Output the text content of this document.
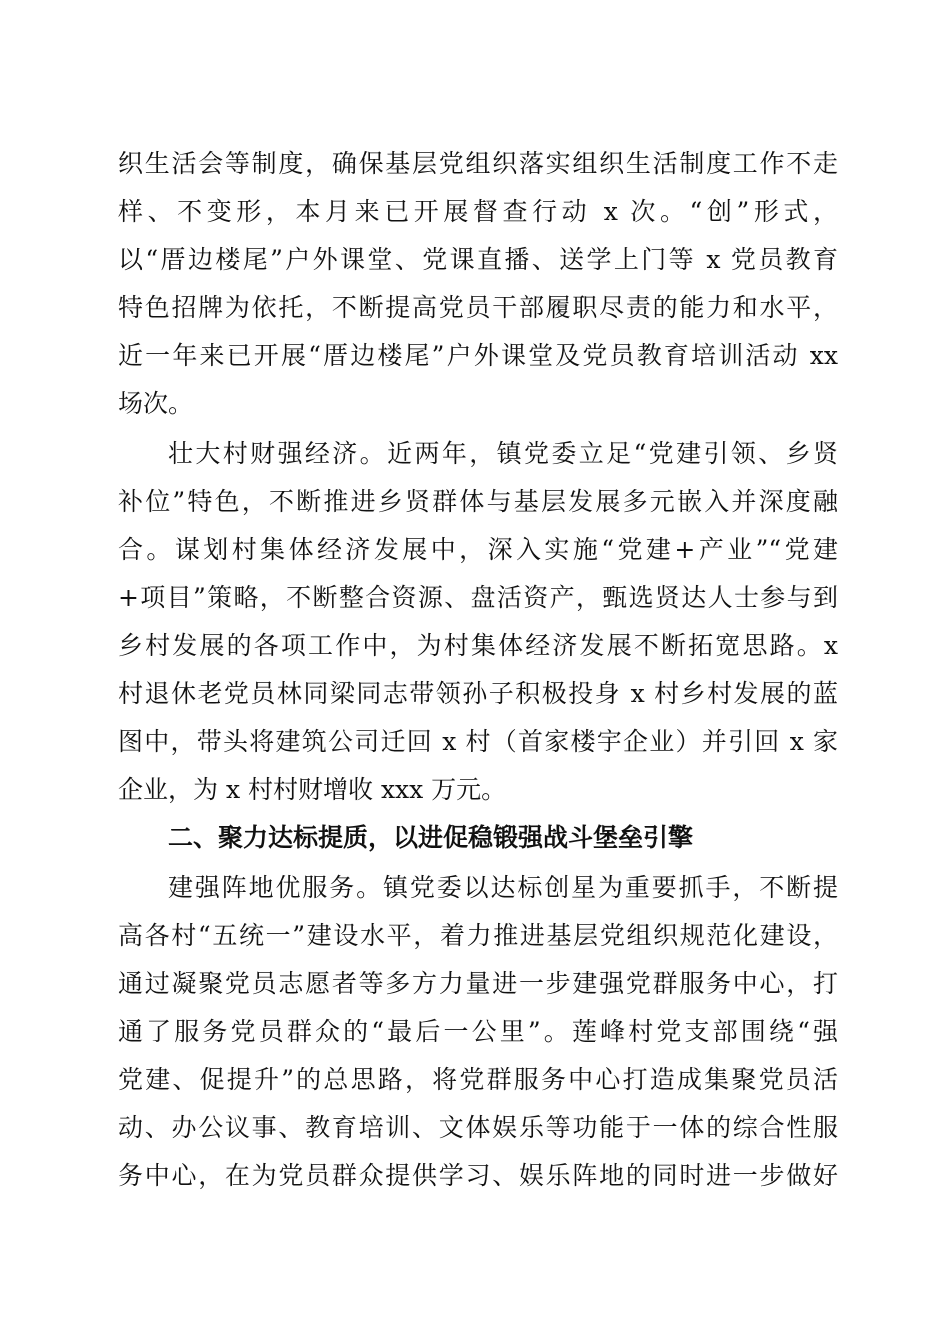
织生活会等制度，确保基层党组织落实组织生活制度工作不走
样、不变形，本月来已开展督查行动 x 次。“创”形式，
以“厝边楼尾”户外课堂、党课直播、送学上门等 x 党员教育
特色招牌为依托，不断提高党员干部履职尽责的能力和水平，
近一年来已开展“厝边楼尾”户外课堂及党员教育培训活动 xx
场次。
壮大村财强经济。近两年，镇党委立足“党建引领、乡贤
补位”特色，不断推进乡贤群体与基层发展多元嵌入并深度融
合。谋划村集体经济发展中，深入实施“党建+产业”“党建
+项目”策略，不断整合资源、盘活资产，甄选贤达人士参与到
乡村发展的各项工作中，为村集体经济发展不断拓宽思路。x
村退休老党员林同梁同志带领孙子积极投身 x 村乡村发展的蓝
图中，带头将建筑公司迁回 x 村（首家楼宇企业）并引回 x 家
企业，为 x 村村财增收 xxx 万元。
二、聚力达标提质，以进促稳锻强战斗堡垒引擎
建强阵地优服务。镇党委以达标创星为重要抓手，不断提
高各村“五统一”建设水平，着力推进基层党组织规范化建设，
通过凝聚党员志愿者等多方力量进一步建强党群服务中心，打
通了服务党员群众的“最后一公里”。莲峰村党支部围绕“强
党建、促提升”的总思路，将党群服务中心打造成集聚党员活
动、办公议事、教育培训、文体娱乐等功能于一体的综合性服
务中心，在为党员群众提供学习、娱乐阵地的同时进一步做好
